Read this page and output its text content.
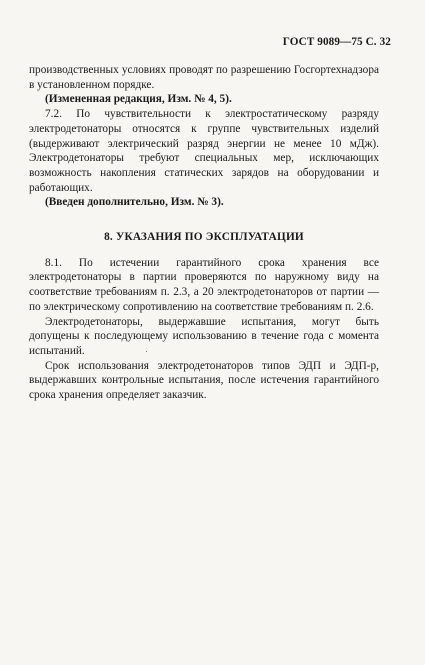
ГОСТ 9089—75 С. 32

производственных условиях проводят по разрешению Госгортехнадзора в установленном порядке.

(Измененная редакция, Изм. № 4, 5).

7.2. По чувствительности к электростатическому разряду электродетонаторы относятся к группе чувствительных изделий (выдерживают электрический разряд энергии не менее 10 мДж). Электродетонаторы требуют специальных мер, исключающих возможность накопления статических зарядов на оборудовании и работающих.

(Введен дополнительно, Изм. № 3).

8. УКАЗАНИЯ ПО ЭКСПЛУАТАЦИИ

8.1. По истечении гарантийного срока хранения все электродетонаторы в партии проверяются по наружному виду на соответствие требованиям п. 2.3, а 20 электродетонаторов от партии — по электрическому сопротивлению на соответствие требованиям п. 2.6.

Электродетонаторы, выдержавшие испытания, могут быть допущены к последующему использованию в течение года с момента испытаний.

Срок использования электродетонаторов типов ЭДП и ЭДП-р, выдержавших контрольные испытания, после истечения гарантийного срока хранения определяет заказчик.
